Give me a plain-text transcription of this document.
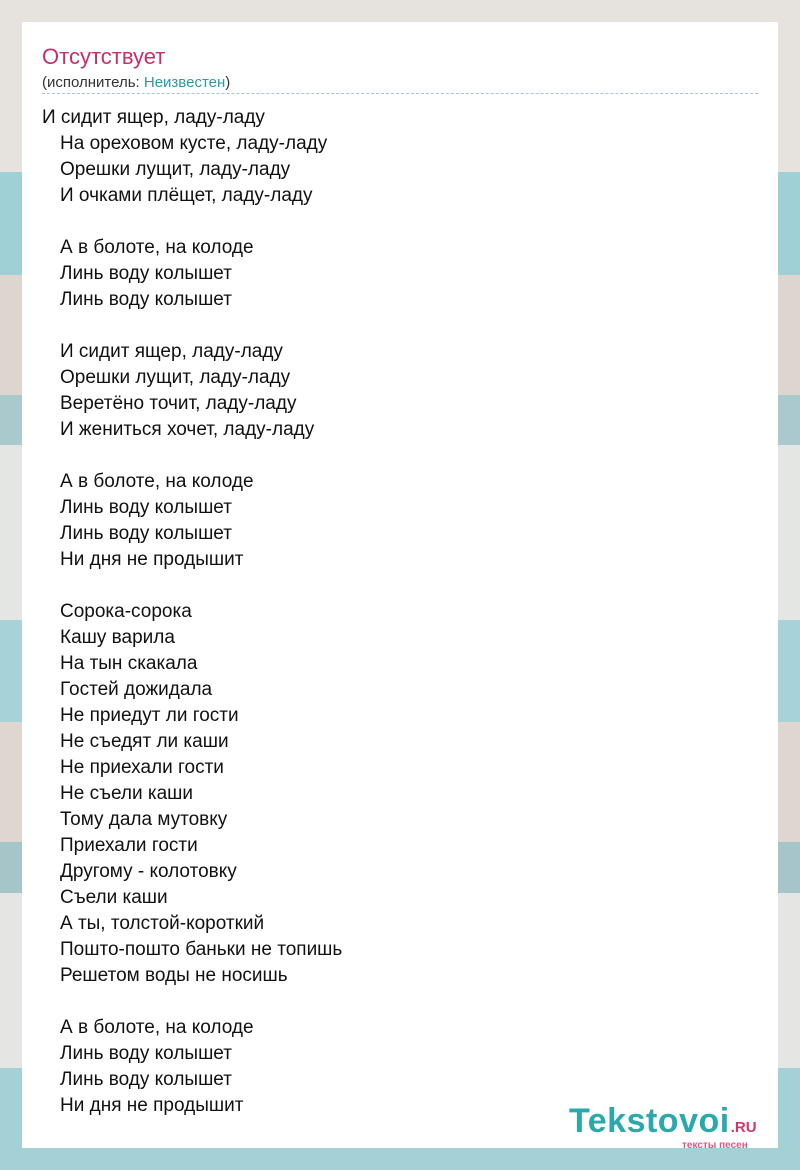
Отсутствует
(исполнитель: Неизвестен)
И сидит ящер, ладу-ладу
На ореховом кусте, ладу-ладу
Орешки лущит, ладу-ладу
И очками плёщет, ладу-ладу
А в болоте, на колоде
Линь воду колышет
Линь воду колышет
И сидит ящер, ладу-ладу
Орешки лущит, ладу-ладу
Веретёно точит, ладу-ладу
И жениться хочет, ладу-ладу
А в болоте, на колоде
Линь воду колышет
Линь воду колышет
Ни дня не продышит
Сорока-сорока
Кашу варила
На тын скакала
Гостей дожидала
Не приедут ли гости
Не съедят ли каши
Не приехали гости
Не съели каши
Тому дала мутовку
Приехали гости
Другому - колотовку
Съели каши
А ты, толстой-короткий
Пошто-пошто баньки не топишь
Решетом воды не носишь
А в болоте, на колоде
Линь воду колышет
Линь воду колышет
Ни дня не продышит	Tekstovoi.RU
тексты песен
